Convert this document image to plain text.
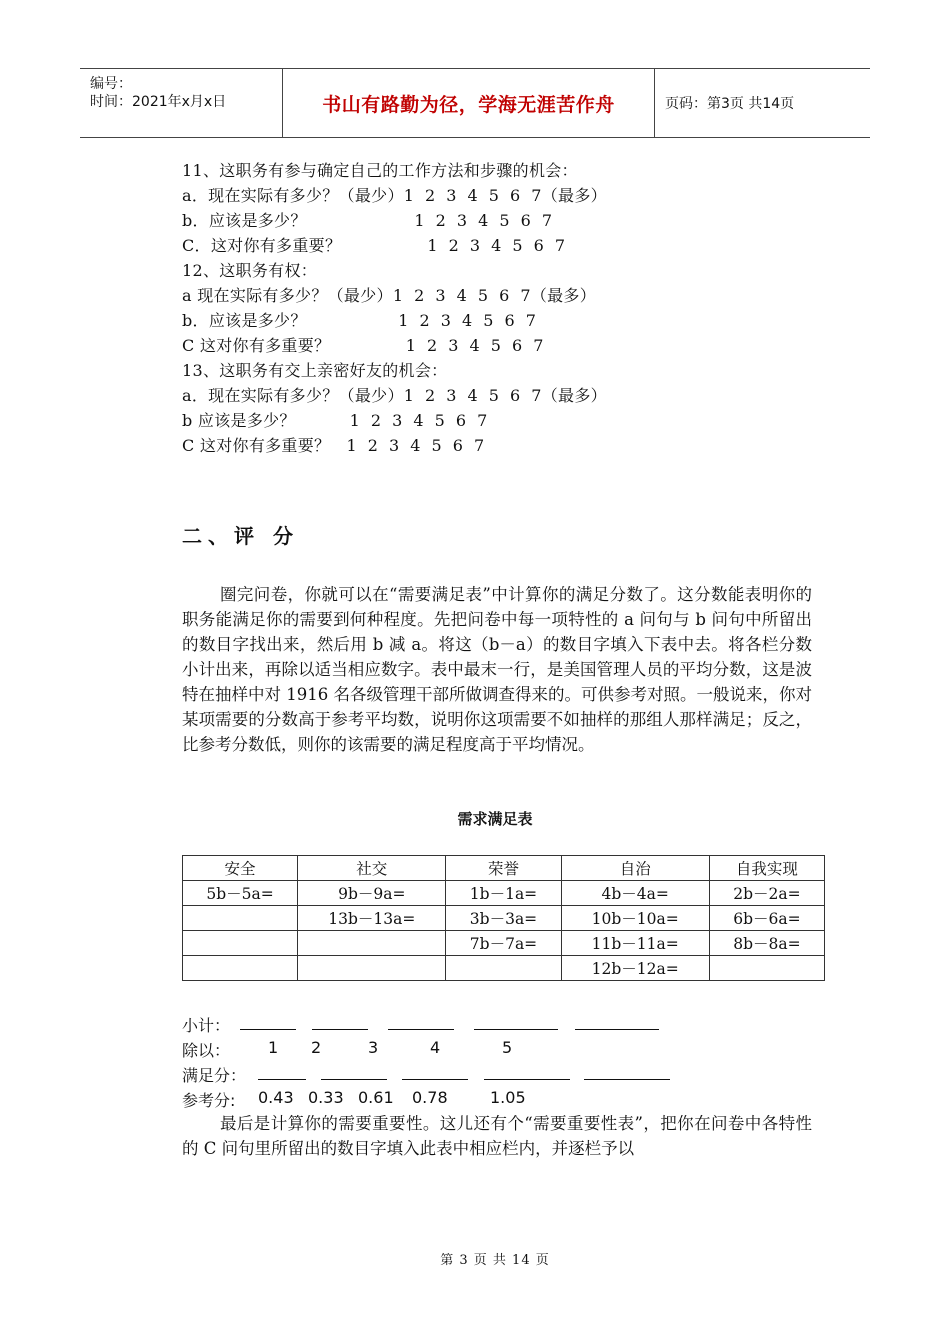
编号：
时间：2021年x月x日	书山有路勤为径，学海无涯苦作舟	页码：第3页 共14页
11、这职务有参与确定自己的工作方法和步骤的机会：
a．现在实际有多少？（最少）1  2  3  4  5  6  7（最多）
b．应该是多少？                    1  2  3  4  5  6  7
C．这对你有多重要？                1  2  3  4  5  6  7
12、这职务有权：
a 现在实际有多少？（最少）1  2  3  4  5  6  7（最多）
b．应该是多少？                 1  2  3  4  5  6  7
C 这对你有多重要？              1  2  3  4  5  6  7
13、这职务有交上亲密好友的机会：
a．现在实际有多少？（最少）1  2  3  4  5  6  7（最多）
b 应该是多少？          1  2  3  4  5  6  7
C 这对你有多重要？   1  2  3  4  5  6  7
二、评 分
圈完问卷，你就可以在“需要满足表”中计算你的满足分数了。这分数能表明你的职务能满足你的需要到何种程度。先把问卷中每一项特性的 a 问句与 b 问句中所留出的数目字找出来，然后用 b 减 a。将这（b－a）的数目字填入下表中去。将各栏分数小计出来，再除以适当相应数字。表中最末一行，是美国管理人员的平均分数，这是波特在抽样中对 1916 名各级管理干部所做调查得来的。可供参考对照。一般说来，你对某项需要的分数高于参考平均数，说明你这项需要不如抽样的那组人那样满足；反之，比参考分数低，则你的该需要的满足程度高于平均情况。
需求满足表
安全	社交	荣誉	自治	自我实现
5b－5a=	9b－9a=	1b－1a=	4b－4a=	2b－2a=
	13b－13a=	3b－3a=	10b－10a=	6b－6a=
		7b－7a=	11b－11a=	8b－8a=
			12b－12a=	
小计：
除以： 1 2	3	4	5
满足分：
参考分: 0.43 0.33 0.61 0.78	1.05
最后是计算你的需要重要性。这儿还有个“需要重要性表”，把你在问卷中各特性的 C 问句里所留出的数目字填入此表中相应栏内，并逐栏予以
第 3 页 共 14 页
